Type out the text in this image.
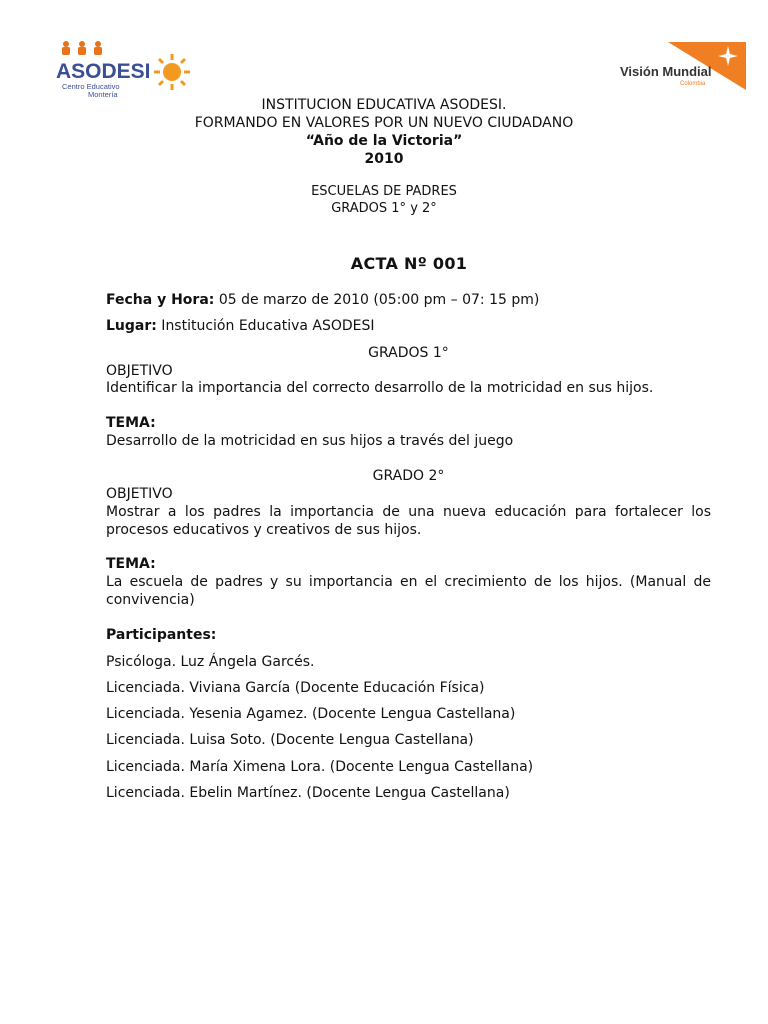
ASODESI
Centro Educativo
Montería
Visión Mundial
Colombia
INSTITUCION EDUCATIVA ASODESI.
FORMANDO EN VALORES POR UN NUEVO CIUDADANO
“Año de la Victoria”
2010
ESCUELAS DE PADRES
GRADOS 1° y 2°
ACTA Nº 001
Fecha y Hora: 05 de marzo de 2010 (05:00 pm – 07: 15 pm)
Lugar: Institución Educativa ASODESI
GRADOS 1°
OBJETIVO
Identificar la importancia del correcto desarrollo de la motricidad en sus hijos.
TEMA:
Desarrollo de la motricidad en sus hijos a través del juego
GRADO 2°
OBJETIVO
Mostrar a los padres la importancia de una nueva educación para fortalecer los procesos educativos y creativos de sus hijos.
TEMA:
La escuela de padres y su importancia en el crecimiento de los hijos. (Manual de convivencia)
Participantes:
Psicóloga. Luz Ángela Garcés.
Licenciada. Viviana García (Docente Educación Física)
Licenciada. Yesenia Agamez. (Docente Lengua Castellana)
Licenciada. Luisa Soto. (Docente Lengua Castellana)
Licenciada. María Ximena Lora. (Docente Lengua Castellana)
Licenciada. Ebelin Martínez. (Docente Lengua Castellana)
